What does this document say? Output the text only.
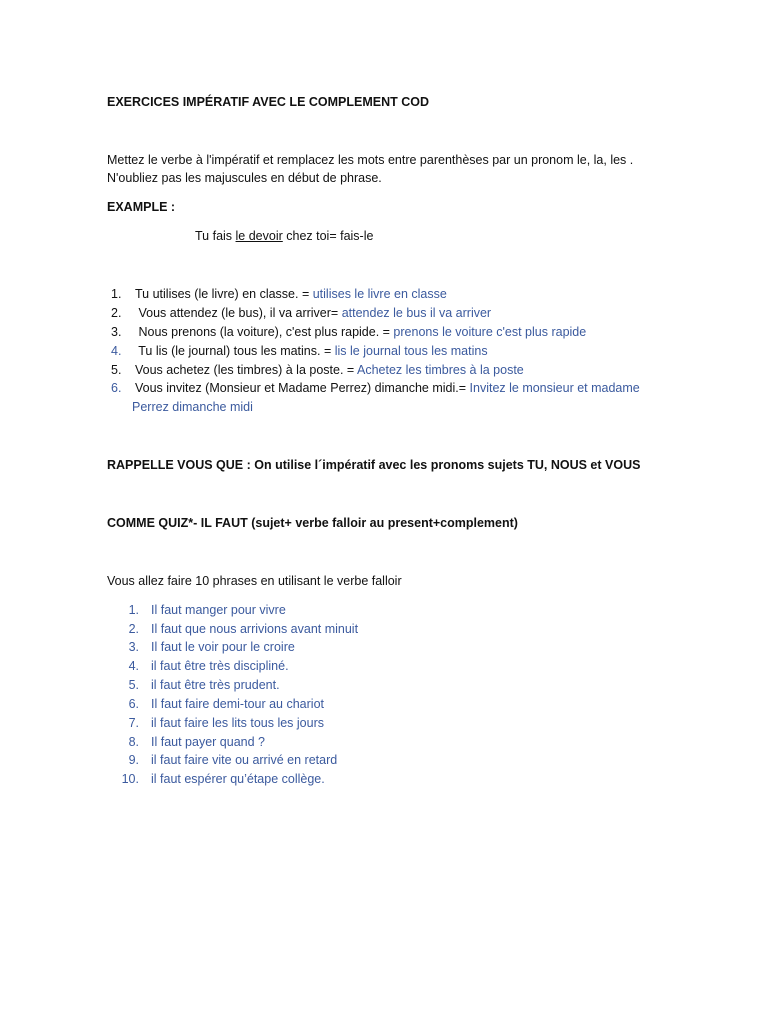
EXERCICES IMPÉRATIF AVEC LE COMPLEMENT COD
Mettez le verbe à l'impératif et remplacez les mots entre parenthèses par un pronom le, la, les .
N'oubliez pas les majuscules en début de phrase.
EXAMPLE :
Tu fais le devoir chez toi= fais-le
1. Tu utilises (le livre) en classe. = utilises le livre en classe
2. Vous attendez (le bus), il va arriver= attendez le bus il va arriver
3. Nous prenons (la voiture), c'est plus rapide. = prenons le voiture c'est plus rapide
4. Tu lis (le journal) tous les matins. = lis le journal tous les matins
5. Vous achetez (les timbres) à la poste. = Achetez les timbres à la poste
6. Vous invitez (Monsieur et Madame Perrez) dimanche midi.= Invitez le monsieur et madame
Perrez dimanche midi
RAPPELLE VOUS QUE : On utilise l´impératif avec les pronoms sujets TU, NOUS et VOUS
COMME QUIZ*- IL FAUT (sujet+ verbe falloir au present+complement)
Vous allez faire 10 phrases en utilisant le verbe falloir
1. Il faut manger pour vivre
2. Il faut que nous arrivions avant minuit
3. Il faut le voir pour le croire
4. il faut être très discipliné.
5. il faut être très prudent.
6. Il faut faire demi-tour au chariot
7. il faut faire les lits tous les jours
8. Il faut payer quand ?
9. il faut faire vite ou arrivé en retard
10. il faut espérer qu’étape collège.
